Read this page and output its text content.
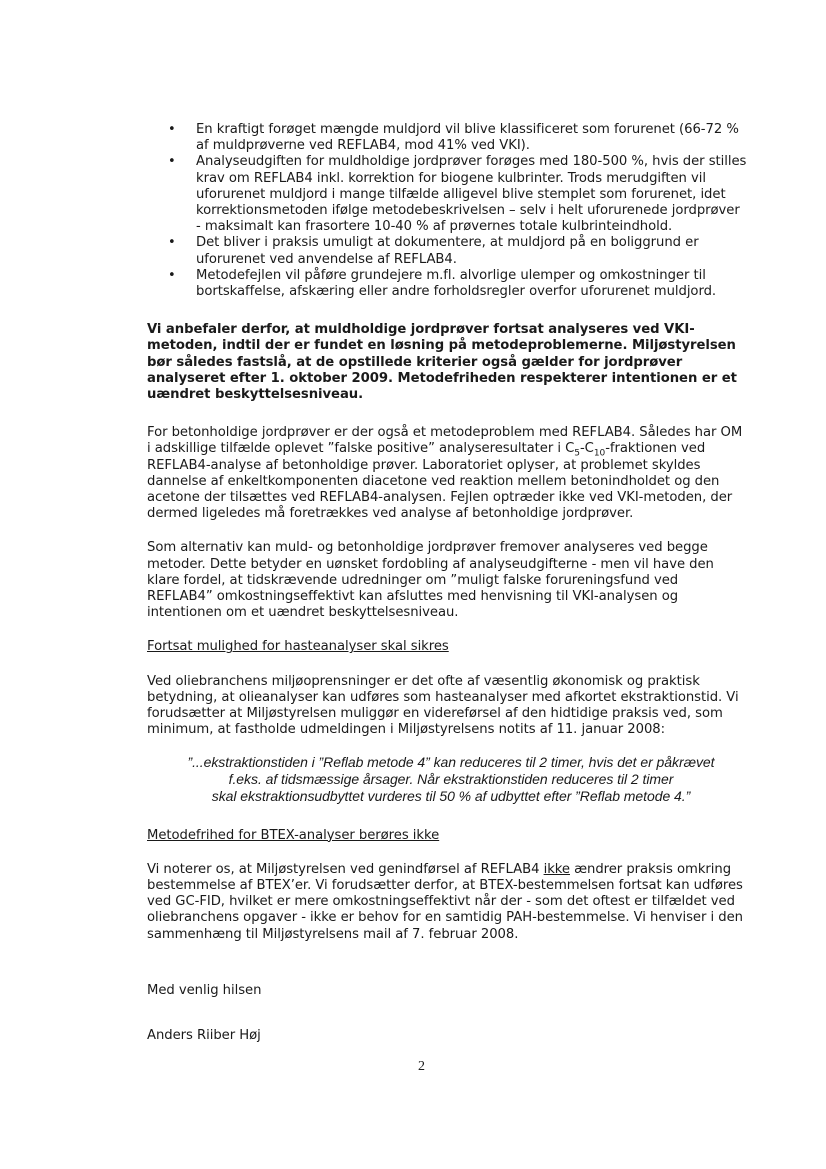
• En kraftigt forøget mængde muldjord vil blive klassificeret som forurenet (66-72 % af muldprøverne ved REFLAB4, mod 41% ved VKI).
• Analyseudgiften for muldholdige jordprøver forøges med 180-500 %, hvis der stilles krav om REFLAB4 inkl. korrektion for biogene kulbrinter. Trods merudgiften vil uforurenet muldjord i mange tilfælde alligevel blive stemplet som forurenet, idet korrektionsmetoden ifølge metodebeskrivelsen – selv i helt uforurenede jordprøver - maksimalt kan frasortere 10-40 % af prøvernes totale kulbrinteindhold.
• Det bliver i praksis umuligt at dokumentere, at muldjord på en boliggrund er uforurenet ved anvendelse af REFLAB4.
• Metodefejlen vil påføre grundejere m.fl. alvorlige ulemper og omkostninger til bortskaffelse, afskæring eller andre forholdsregler overfor uforurenet muldjord.

Vi anbefaler derfor, at muldholdige jordprøver fortsat analyseres ved VKI-metoden, indtil der er fundet en løsning på metodeproblemerne. Miljøstyrelsen bør således fastslå, at de opstillede kriterier også gælder for jordprøver analyseret efter 1. oktober 2009. Metodefriheden respekterer intentionen er et uændret beskyttelsesniveau.

For betonholdige jordprøver er der også et metodeproblem med REFLAB4. Således har OM i adskillige tilfælde oplevet ”falske positive” analyseresultater i $C_5-C_{10}$-fraktionen ved REFLAB4-analyse af betonholdige prøver. Laboratoriet oplyser, at problemet skyldes dannelse af enkeltkomponenten diacetone ved reaktion mellem betonindholdet og den acetone der tilsættes ved REFLAB4-analysen. Fejlen optræder ikke ved VKI-metoden, der dermed ligeledes må foretrækkes ved analyse af betonholdige jordprøver.

Som alternativ kan muld- og betonholdige jordprøver fremover analyseres ved begge metoder. Dette betyder en uønsket fordobling af analyseudgifterne - men vil have den klare fordel, at tidskrævende udredninger om ”muligt falske forureningsfund ved REFLAB4” omkostningseffektivt kan afsluttes med henvisning til VKI-analysen og intentionen om et uændret beskyttelsesniveau.

Fortsat mulighed for hasteanalyser skal sikres

Ved oliebranchens miljøoprensninger er det ofte af væsentlig økonomisk og praktisk betydning, at olieanalyser kan udføres som hasteanalyser med afkortet ekstraktionstid. Vi forudsætter at Miljøstyrelsen muliggør en videreførsel af den hidtidige praksis ved, som minimum, at fastholde udmeldingen i Miljøstyrelsens notits af 11. januar 2008:

”...ekstraktionstiden i ”Reflab metode 4” kan reduceres til 2 timer, hvis det er påkrævet
f.eks. af tidsmæssige årsager. Når ekstraktionstiden reduceres til 2 timer
skal ekstraktionsudbyttet vurderes til 50 % af udbyttet efter ”Reflab metode 4.”

Metodefrihed for BTEX-analyser berøres ikke

Vi noterer os, at Miljøstyrelsen ved genindførsel af REFLAB4 ikke ændrer praksis omkring bestemmelse af BTEX’er. Vi forudsætter derfor, at BTEX-bestemmelsen fortsat kan udføres ved GC-FID, hvilket er mere omkostningseffektivt når der - som det oftest er tilfældet ved oliebranchens opgaver - ikke er behov for en samtidig PAH-bestemmelse. Vi henviser i den sammenhæng til Miljøstyrelsens mail af 7. februar 2008.

Med venlig hilsen

Anders Riiber Høj

2
